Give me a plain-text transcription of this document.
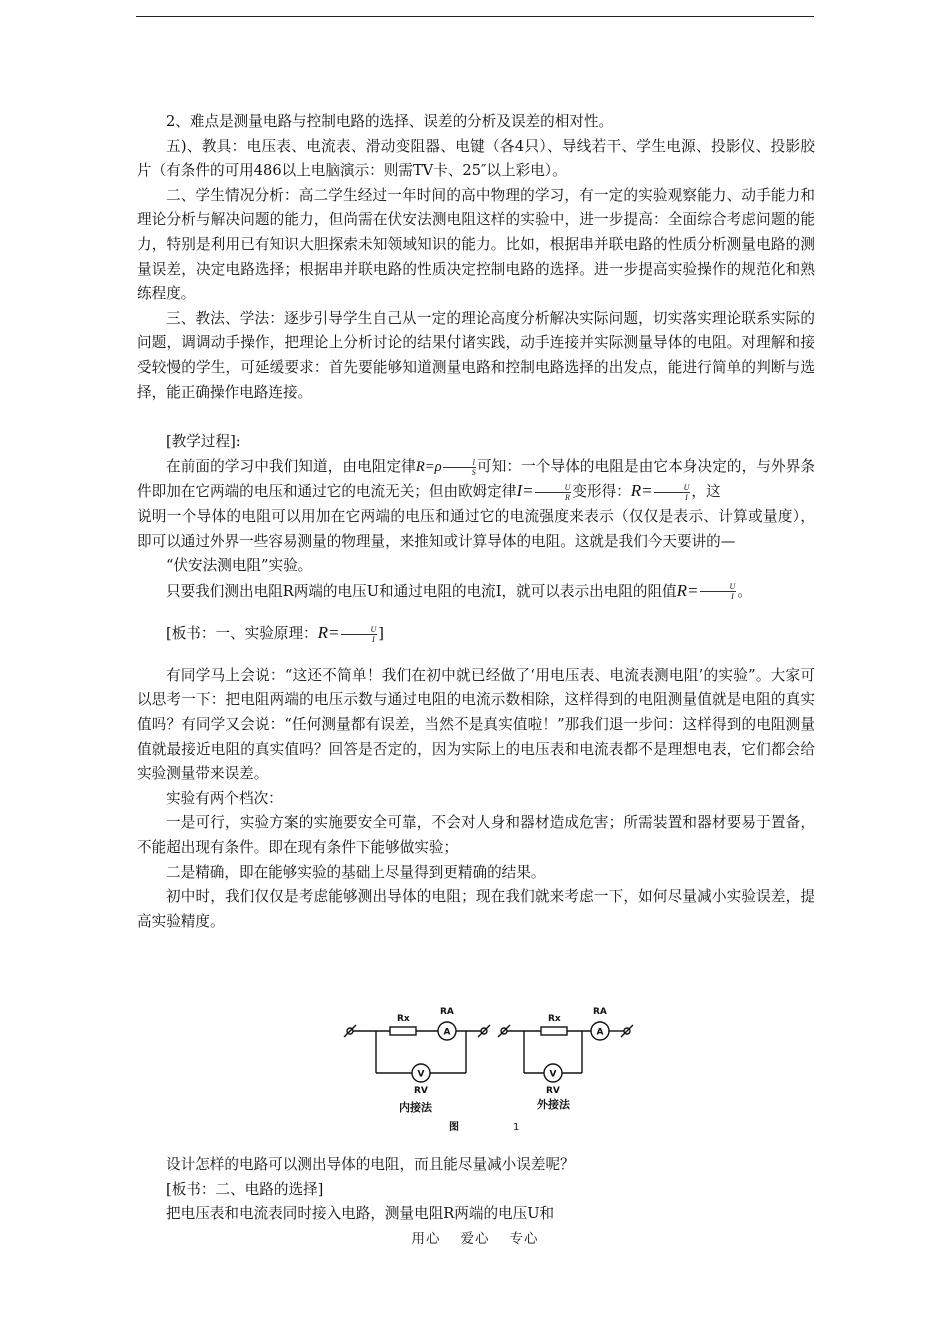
2、难点是测量电路与控制电路的选择、误差的分析及误差的相对性。

五)、教具：电压表、电流表、滑动变阻器、电键（各4只）、导线若干、学生电源、投影仪、投影胶片（有条件的可用486以上电脑演示：则需TV卡、25″以上彩电）。

二、学生情况分析：高二学生经过一年时间的高中物理的学习，有一定的实验观察能力、动手能力和理论分析与解决问题的能力，但尚需在伏安法测电阻这样的实验中，进一步提高：全面综合考虑问题的能力，特别是利用已有知识大胆探索未知领域知识的能力。比如，根据串并联电路的性质分析测量电路的测量误差，决定电路选择；根据串并联电路的性质决定控制电路的选择。进一步提高实验操作的规范化和熟练程度。

三、教法、学法：逐步引导学生自己从一定的理论高度分析解决实际问题，切实落实理论联系实际的问题，调调动手操作，把理论上分析讨论的结果付诸实践，动手连接并实际测量导体的电阻。对理解和接受较慢的学生，可延缓要求：首先要能够知道测量电路和控制电路选择的出发点，能进行简单的判断与选择，能正确操作电路连接。

[教学过程]:

在前面的学习中我们知道，由电阻定律$R=\rho \frac{l}{S}$ 可知：一个导体的电阻是由它本身决定的，与外界条件即加在它两端的电压和通过它的电流无关；但由欧姆定律$I= \frac{U}{R}$ 变形得：$R= \frac{U}{I}$ ，这

说明一个导体的电阻可以用加在它两端的电压和通过它的电流强度来表示（仅仅是表示、计算或量度），即可以通过外界一些容易测量的物理量，来推知或计算导体的电阻。这就是我们今天要讲的—

“伏安法测电阻”实验。

只要我们测出电阻R两端的电压U和通过电阻的电流I，就可以表示出电阻的阻值$R= \frac{U}{I}$ 。

[板书：一、实验原理：$R= \frac{U}{I}$ ]

有同学马上会说：“这还不简单！我们在初中就已经做了‘用电压表、电流表测电阻’的实验”。大家可以思考一下：把电阻两端的电压示数与通过电阻的电流示数相除，这样得到的电阻测量值就是电阻的真实值吗？有同学又会说：“任何测量都有误差，当然不是真实值啦！”那我们退一步问：这样得到的电阻测量值就最接近电阻的真实值吗？回答是否定的，因为实际上的电压表和电流表都不是理想电表，它们都会给实验测量带来误差。

实验有两个档次：

一是可行，实验方案的实施要安全可靠，不会对人身和器材造成危害；所需装置和器材要易于置备，不能超出现有条件。即在现有条件下能够做实验；

二是精确，即在能够实验的基础上尽量得到更精确的结果。

初中时，我们仅仅是考虑能够测出导体的电阻；现在我们就来考虑一下，如何尽量减小实验误差，提高实验精度。

Rx
RA
A
V
RV
Rx
RA
A
V
RV
内接法	外接法
图	1

设计怎样的电路可以测出导体的电阻，而且能尽量减小误差呢？

[板书：二、电路的选择]

把电压表和电流表同时接入电路，测量电阻R两端的电压U和

用心 爱心 专心
